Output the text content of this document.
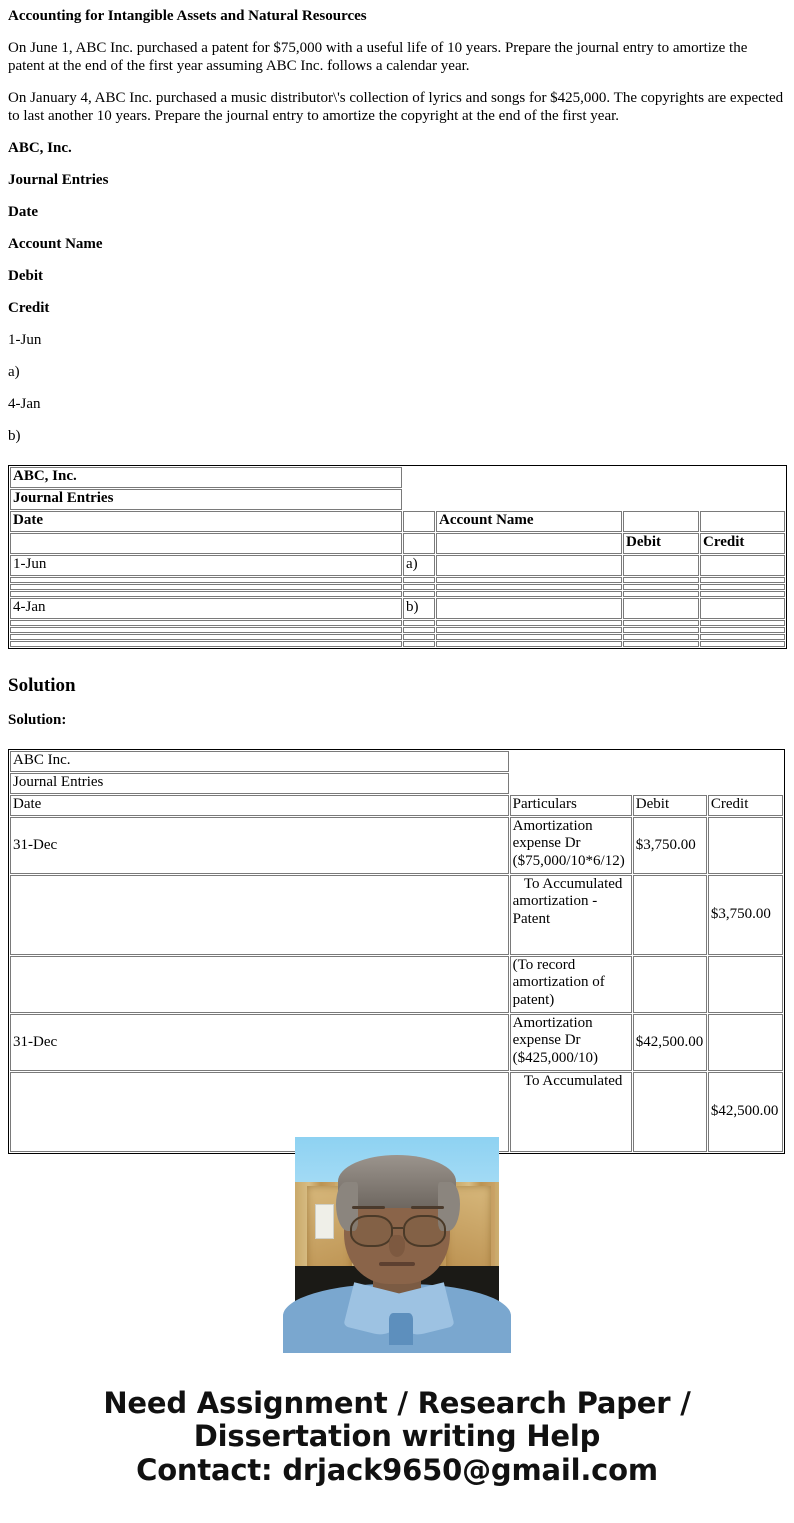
Accounting for Intangible Assets and Natural Resources
On June 1, ABC Inc. purchased a patent for $75,000 with a useful life of 10 years. Prepare the journal entry to amortize the patent at the end of the first year assuming ABC Inc. follows a calendar year.
On January 4, ABC Inc. purchased a music distributor\'s collection of lyrics and songs for $425,000. The copyrights are expected to last another 10 years. Prepare the journal entry to amortize the copyright at the end of the first year.
ABC, Inc.
Journal Entries
Date
Account Name
Debit
Credit
1-Jun
a)
4-Jan
b)
ABC, Inc.				
Journal Entries				
Date		Account Name		
			Debit	Credit
1-Jun	a)			

4-Jan	b)			

Solution
Solution:
ABC Inc.			
Journal Entries			
Date	Particulars	Debit	Credit
31-Dec	Amortization expense Dr ($75,000/10*6/12)	$3,750.00	
	To Accumulated amortization - Patent		$3,750.00
	(To record amortization of patent)		
31-Dec	Amortization expense Dr ($425,000/10)	$42,500.00	
	To Accumulated		$42,500.00
Need Assignment / Research Paper / Dissertation writing Help
Contact: drjack9650@gmail.com
